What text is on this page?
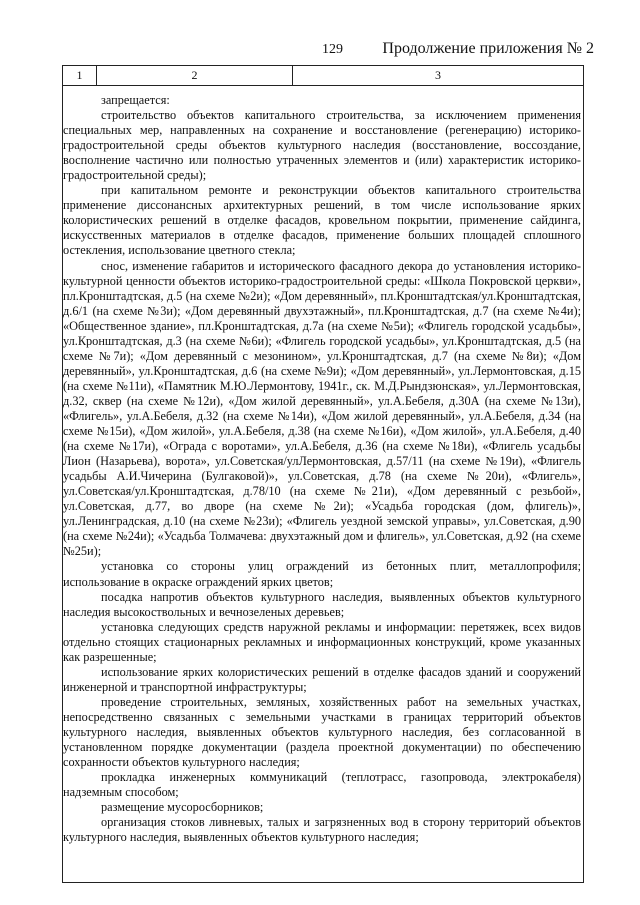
129 Продолжение приложения № 2
1	2	3

запрещается:

строительство объектов капитального строительства, за исключением применения специальных мер, направленных на сохранение и восстановление (регенерацию) историко-градостроительной среды объектов культурного наследия (восстановление, воссоздание, восполнение частично или полностью утраченных элементов и (или) характеристик историко-градостроительной среды);

при капитальном ремонте и реконструкции объектов капитального строительства применение диссонансных архитектурных решений, в том числе использование ярких колористических решений в отделке фасадов, кровельном покрытии, применение сайдинга, искусственных материалов в отделке фасадов, применение больших площадей сплошного остекления, использование цветного стекла;

снос, изменение габаритов и исторического фасадного декора до установления историко-культурной ценности объектов историко-градостроительной среды: «Школа Покровской церкви», пл.Кронштадтская, д.5 (на схеме №2и); «Дом деревянный», пл.Кронштадтская/ул.Кронштадтская, д.6/1 (на схеме №3и); «Дом деревянный двухэтажный», пл.Кронштадтская, д.7 (на схеме №4и); «Общественное здание», пл.Кронштадтская, д.7а (на схеме №5и); «Флигель городской усадьбы», ул.Кронштадтская, д.3 (на схеме №6и); «Флигель городской усадьбы», ул.Кронштадтская, д.5 (на схеме №7и); «Дом деревянный с мезонином», ул.Кронштадтская, д.7 (на схеме №8и); «Дом деревянный», ул.Кронштадтская, д.6 (на схеме №9и); «Дом деревянный», ул.Лермонтовская, д.15 (на схеме №11и), «Памятник М.Ю.Лермонтову, 1941г., ск. М.Д.Рындзюнская», ул.Лермонтовская, д.32, сквер (на схеме №12и), «Дом жилой деревянный», ул.А.Бебеля, д.30А (на схеме №13и), «Флигель», ул.А.Бебеля, д.32 (на схеме №14и), «Дом жилой деревянный», ул.А.Бебеля, д.34 (на схеме №15и), «Дом жилой», ул.А.Бебеля, д.38 (на схеме №16и), «Дом жилой», ул.А.Бебеля, д.40 (на схеме №17и), «Ограда с воротами», ул.А.Бебеля, д.36 (на схеме №18и), «Флигель усадьбы Лион (Назарьева), ворота», ул.Советская/улЛермонтовская, д.57/11 (на схеме №19и), «Флигель усадьбы А.И.Чичерина (Булгаковой)», ул.Советская, д.78 (на схеме №20и), «Флигель», ул.Советская/ул.Кронштадтская, д.78/10 (на схеме №21и), «Дом деревянный с резьбой», ул.Советская, д.77, во дворе (на схеме №2и); «Усадьба городская (дом, флигель)», ул.Ленинградская, д.10 (на схеме №23и); «Флигель уездной земской управы», ул.Советская, д.90 (на схеме №24и); «Усадьба Толмачева: двухэтажный дом и флигель», ул.Советская, д.92 (на схеме №25и);

установка со стороны улиц ограждений из бетонных плит, металлопрофиля; использование в окраске ограждений ярких цветов;

посадка напротив объектов культурного наследия, выявленных объектов культурного наследия высокоствольных и вечнозеленых деревьев;

установка следующих средств наружной рекламы и информации: перетяжек, всех видов отдельно стоящих стационарных рекламных и информационных конструкций, кроме указанных как разрешенные;

использование ярких колористических решений в отделке фасадов зданий и сооружений инженерной и транспортной инфраструктуры;

проведение строительных, земляных, хозяйственных работ на земельных участках, непосредственно связанных с земельными участками в границах территорий объектов культурного наследия, выявленных объектов культурного наследия, без согласованной в установленном порядке документации (раздела проектной документации) по обеспечению сохранности объектов культурного наследия;

прокладка инженерных коммуникаций (теплотрасс, газопровода, электрокабеля) надземным способом;

размещение мусоросборников;

организация стоков ливневых, талых и загрязненных вод в сторону территорий объектов культурного наследия, выявленных объектов культурного наследия;
